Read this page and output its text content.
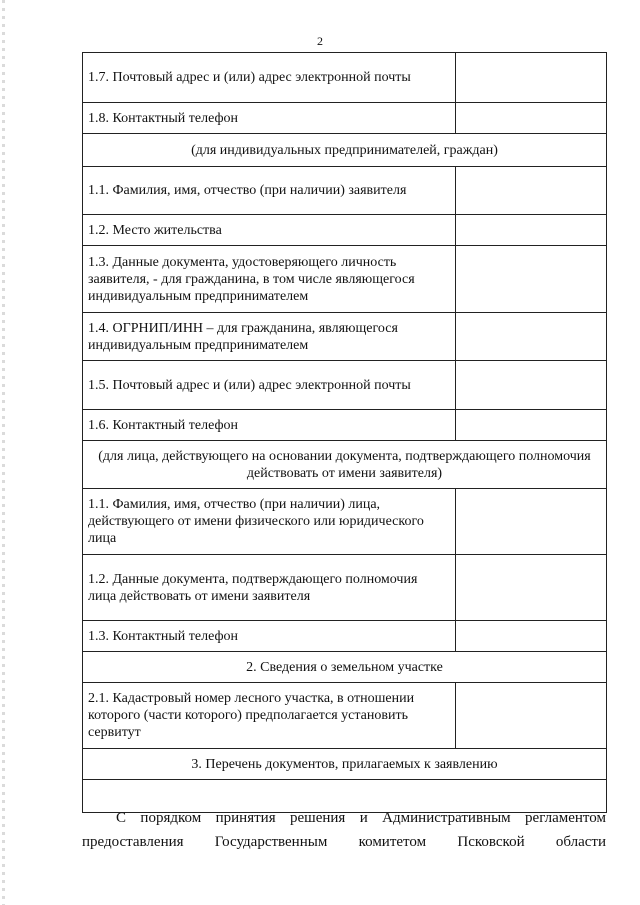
2
1.7. Почтовый адрес и (или) адрес электронной почты	
1.8. Контактный телефон	
(для индивидуальных предпринимателей, граждан)	
1.1. Фамилия, имя, отчество (при наличии) заявителя	
1.2. Место жительства	
1.3. Данные документа, удостоверяющего личность заявителя, - для гражданина, в том числе являющегося индивидуальным предпринимателем	
1.4. ОГРНИП/ИНН – для гражданина, являющегося индивидуальным предпринимателем	
1.5. Почтовый адрес и (или) адрес электронной почты	
1.6. Контактный телефон	
(для лица, действующего на основании документа, подтверждающего полномочия действовать от имени заявителя)	
1.1. Фамилия, имя, отчество (при наличии) лица, действующего от имени физического или юридического лица	
1.2. Данные документа, подтверждающего полномочия лица действовать от имени заявителя	
1.3. Контактный телефон	
2. Сведения о земельном участке	
2.1. Кадастровый номер лесного участка, в отношении которого (части которого) предполагается установить сервитут	
3. Перечень документов, прилагаемых к заявлению	

С порядком принятия решения и Административным регламентом

предоставления Государственным комитетом Псковской области
